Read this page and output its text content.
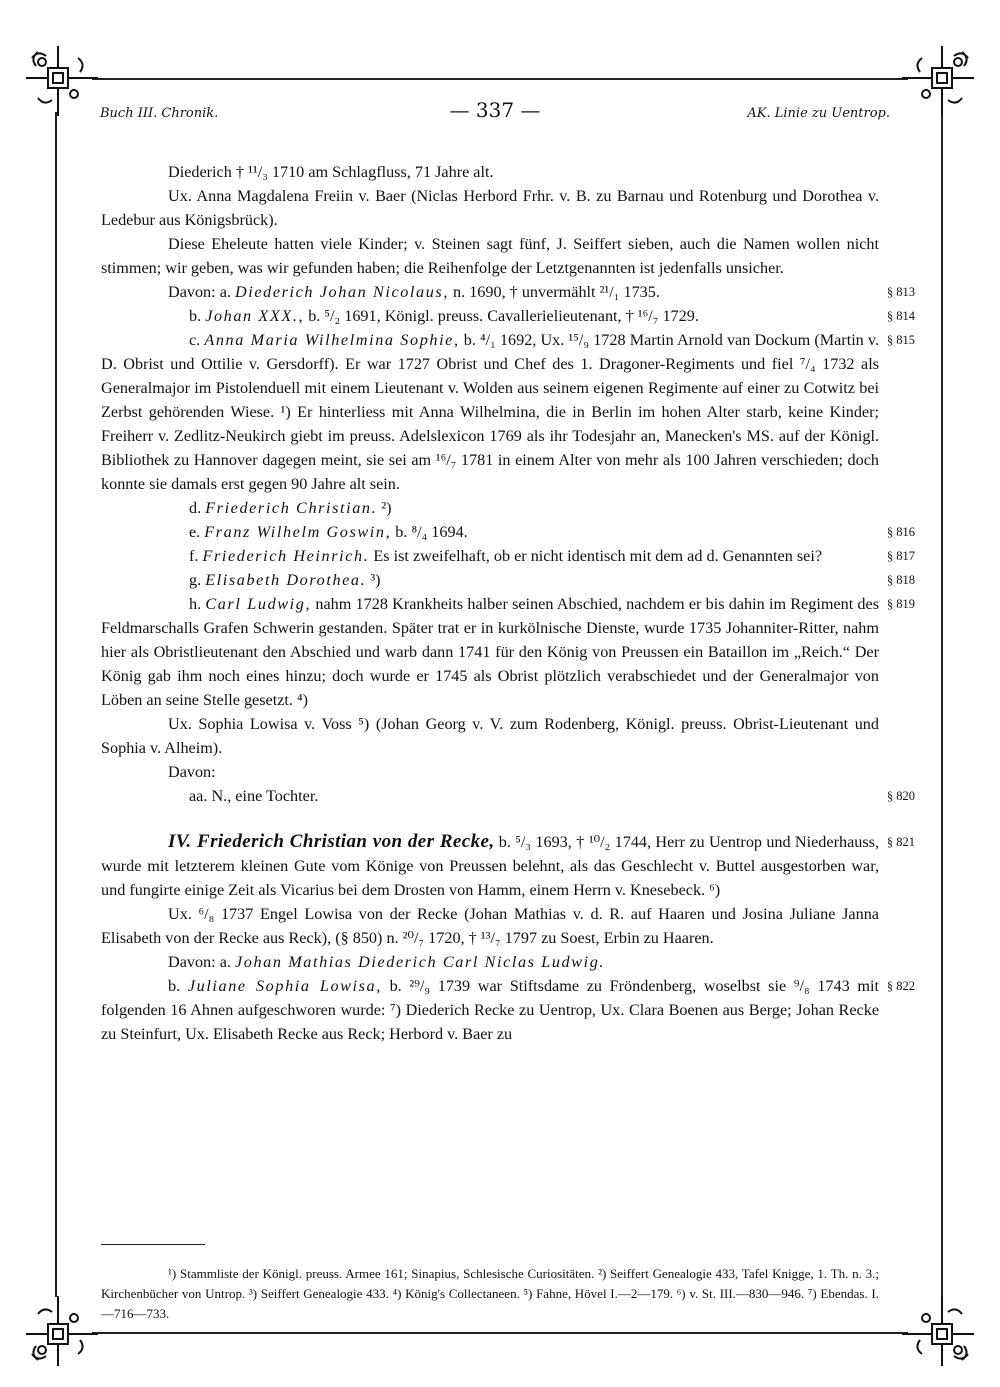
Buch III. Chronik.	— 337 —	AK. Linie zu Uentrop.

Diederich † ¹¹/₃ 1710 am Schlagfluss, 71 Jahre alt.

Ux. Anna Magdalena Freiin v. Baer (Niclas Herbord Frhr. v. B. zu Barnau und Rotenburg und Dorothea v. Ledebur aus Königsbrück).

Diese Eheleute hatten viele Kinder; v. Steinen sagt fünf, J. Seiffert sieben, auch die Namen wollen nicht stimmen; wir geben, was wir gefunden haben; die Reihenfolge der Letztgenannten ist jedenfalls unsicher.

Davon: a. Diederich Johan Nicolaus, n. 1690, † unvermählt ²¹/₁ 1735.	§ 813

b. Johan XXX., b. ⁵/₂ 1691, Königl. preuss. Cavallerielieutenant, † ¹⁶/₇ 1729.	§ 814

c. Anna Maria Wilhelmina Sophie, b. ⁴/₁ 1692, Ux. ¹⁵/₉ 1728 Martin Arnold van Dockum (Martin v. D. Obrist und Ottilie v. Gersdorff). Er war 1727 Obrist und Chef des 1. Dragoner-Regiments und fiel ⁷/₄ 1732 als Generalmajor im Pistolenduell mit einem Lieutenant v. Wolden aus seinem eigenen Regimente auf einer zu Cotwitz bei Zerbst gehörenden Wiese. ¹) Er hinterliess mit Anna Wilhelmina, die in Berlin im hohen Alter starb, keine Kinder; Freiherr v. Zedlitz-Neukirch giebt im preuss. Adelslexicon 1769 als ihr Todesjahr an, Manecken's MS. auf der Königl. Bibliothek zu Hannover dagegen meint, sie sei am ¹⁶/₇ 1781 in einem Alter von mehr als 100 Jahren verschieden; doch konnte sie damals erst gegen 90 Jahre alt sein.
§ 815

d. Friederich Christian. ²)

e. Franz Wilhelm Goswin, b. ⁸/₄ 1694.	§ 816

f. Friederich Heinrich. Es ist zweifelhaft, ob er nicht identisch mit dem ad d. Genannten sei?	§ 817

g. Elisabeth Dorothea. ³)	§ 818

h. Carl Ludwig, nahm 1728 Krankheits halber seinen Abschied, nachdem er bis dahin im Regiment des Feldmarschalls Grafen Schwerin gestanden. Später trat er in kurkölnische Dienste, wurde 1735 Johanniter-Ritter, nahm hier als Obristlieutenant den Abschied und warb dann 1741 für den König von Preussen ein Bataillon im „Reich.“ Der König gab ihm noch eines hinzu; doch wurde er 1745 als Obrist plötzlich verabschiedet und der Generalmajor von Löben an seine Stelle gesetzt. ⁴)
§ 819

Ux. Sophia Lowisa v. Voss ⁵) (Johan Georg v. V. zum Rodenberg, Königl. preuss. Obrist-Lieutenant und Sophia v. Alheim).

Davon:

aa. N., eine Tochter.	§ 820

IV. Friederich Christian von der Recke, b. ⁵/₃ 1693, † ¹⁰/₂ 1744, Herr zu Uentrop und Niederhauss, wurde mit letzterem kleinen Gute vom Könige von Preussen belehnt, als das Geschlecht v. Buttel ausgestorben war, und fungirte einige Zeit als Vicarius bei dem Drosten von Hamm, einem Herrn v. Knesebeck. ⁶)
§ 821

Ux. ⁶/₈ 1737 Engel Lowisa von der Recke (Johan Mathias v. d. R. auf Haaren und Josina Juliane Janna Elisabeth von der Recke aus Reck), (§ 850) n. ²⁰/₇ 1720, † ¹³/₇ 1797 zu Soest, Erbin zu Haaren.

Davon: a. Johan Mathias Diederich Carl Niclas Ludwig.

b. Juliane Sophia Lowisa, b. ²⁹/₉ 1739 war Stiftsdame zu Fröndenberg, woselbst sie ⁹/₈ 1743 mit folgenden 16 Ahnen aufgeschworen wurde: ⁷) Diederich Recke zu Uentrop, Ux. Clara Boenen aus Berge; Johan Recke zu Steinfurt, Ux. Elisabeth Recke aus Reck; Herbord v. Baer zu
§ 822

¹) Stammliste der Königl. preuss. Armee 161; Sinapius, Schlesische Curiositäten. ²) Seiffert Genealogie 433, Tafel Knigge, 1. Th. n. 3.; Kirchenbücher von Untrop. ³) Seiffert Genealogie 433. ⁴) König's Collectaneen. ⁵) Fahne, Hövel I.—2—179. ⁶) v. St. III.—830—946. ⁷) Ebendas. I.—716—733.
